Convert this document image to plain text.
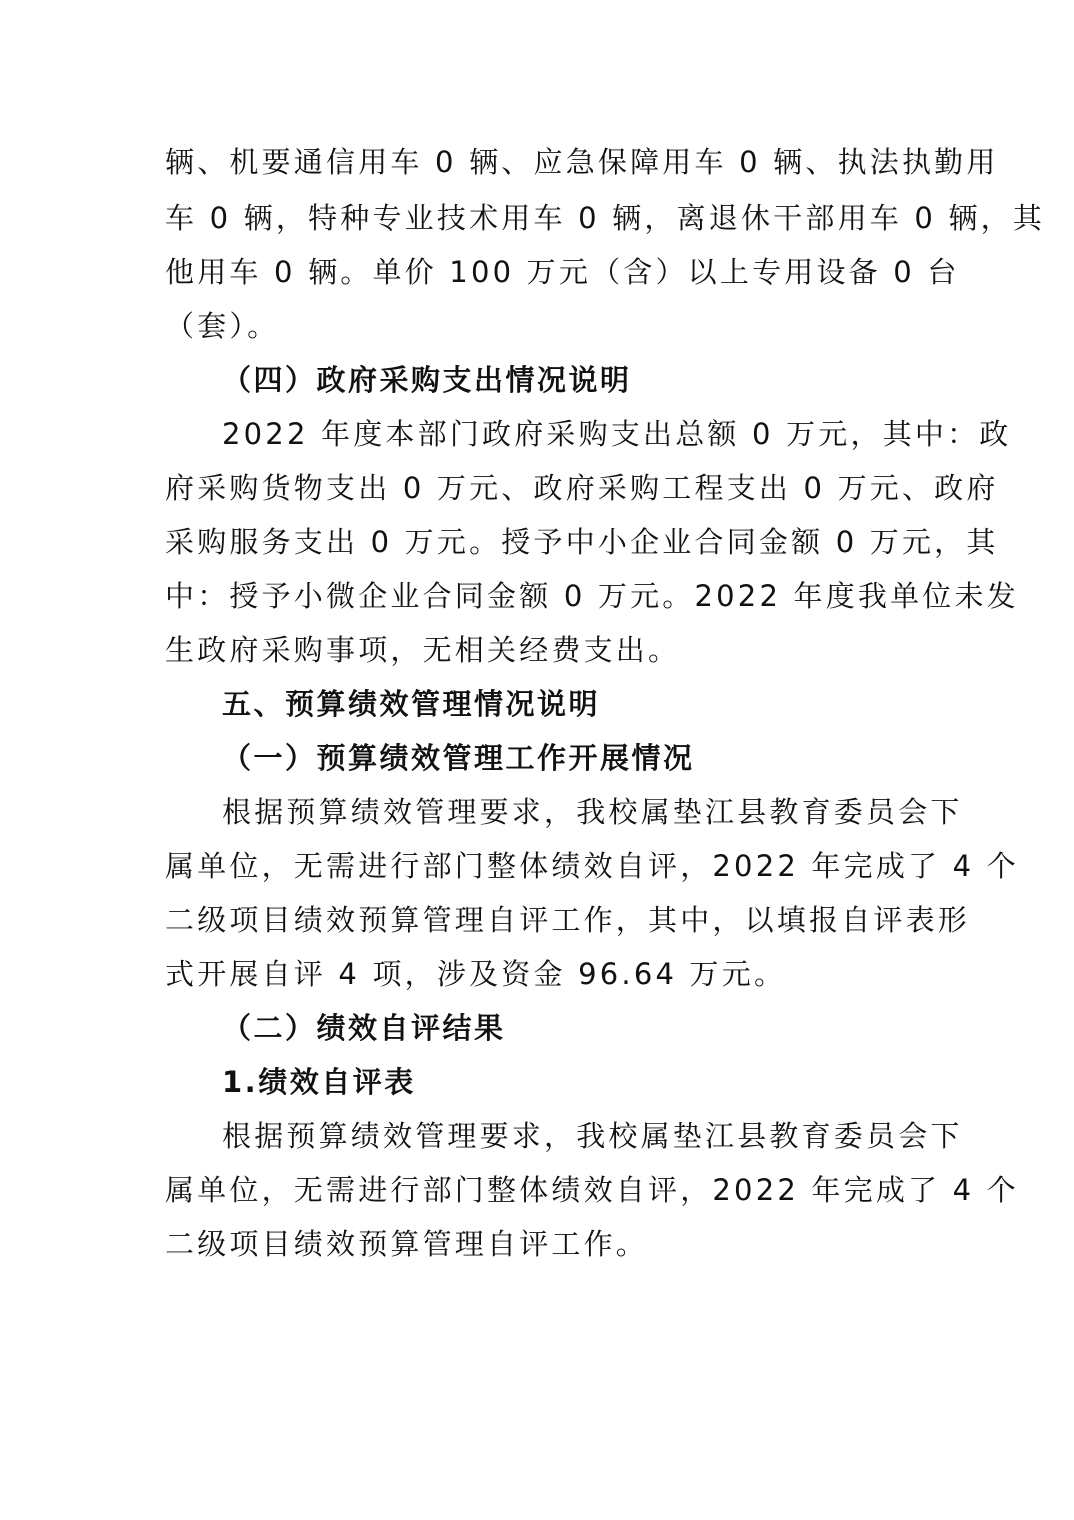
辆、机要通信用车 0 辆、应急保障用车 0 辆、执法执勤用
车 0 辆，特种专业技术用车 0 辆，离退休干部用车 0 辆，其
他用车 0 辆。单价 100 万元（含）以上专用设备 0 台
（套）。
（四）政府采购支出情况说明
2022 年度本部门政府采购支出总额 0 万元，其中：政
府采购货物支出 0 万元、政府采购工程支出 0 万元、政府
采购服务支出 0 万元。授予中小企业合同金额 0 万元，其
中：授予小微企业合同金额 0 万元。2022 年度我单位未发
生政府采购事项，无相关经费支出。
五、预算绩效管理情况说明
（一）预算绩效管理工作开展情况
根据预算绩效管理要求，我校属垫江县教育委员会下
属单位，无需进行部门整体绩效自评，2022 年完成了 4 个
二级项目绩效预算管理自评工作，其中，以填报自评表形
式开展自评 4 项，涉及资金 96.64 万元。
（二）绩效自评结果
1.绩效自评表
根据预算绩效管理要求，我校属垫江县教育委员会下
属单位，无需进行部门整体绩效自评，2022 年完成了 4 个
二级项目绩效预算管理自评工作。
